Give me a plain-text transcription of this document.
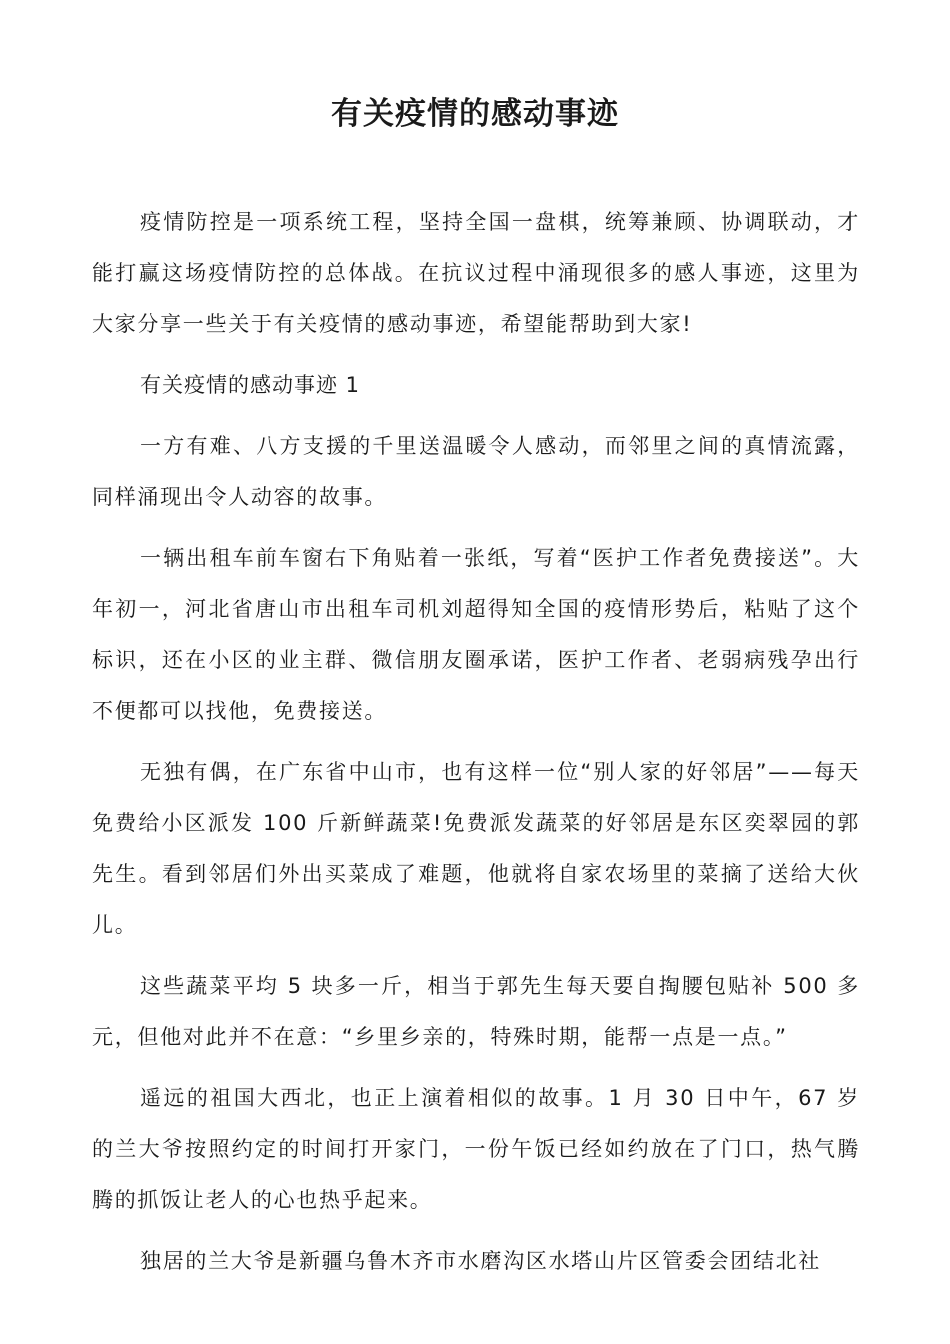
有关疫情的感动事迹

疫情防控是一项系统工程，坚持全国一盘棋，统筹兼顾、协调联动，才能打赢这场疫情防控的总体战。在抗议过程中涌现很多的感人事迹，这里为大家分享一些关于有关疫情的感动事迹，希望能帮助到大家!

有关疫情的感动事迹 1

一方有难、八方支援的千里送温暖令人感动，而邻里之间的真情流露，同样涌现出令人动容的故事。

一辆出租车前车窗右下角贴着一张纸，写着“医护工作者免费接送”。大年初一，河北省唐山市出租车司机刘超得知全国的疫情形势后，粘贴了这个标识，还在小区的业主群、微信朋友圈承诺，医护工作者、老弱病残孕出行不便都可以找他，免费接送。

无独有偶，在广东省中山市，也有这样一位“别人家的好邻居”——每天免费给小区派发 100 斤新鲜蔬菜!免费派发蔬菜的好邻居是东区奕翠园的郭先生。看到邻居们外出买菜成了难题，他就将自家农场里的菜摘了送给大伙儿。

这些蔬菜平均 5 块多一斤，相当于郭先生每天要自掏腰包贴补 500 多元，但他对此并不在意：“乡里乡亲的，特殊时期，能帮一点是一点。”

遥远的祖国大西北，也正上演着相似的故事。1 月 30 日中午，67 岁的兰大爷按照约定的时间打开家门，一份午饭已经如约放在了门口，热气腾腾的抓饭让老人的心也热乎起来。

独居的兰大爷是新疆乌鲁木齐市水磨沟区水塔山片区管委会团结北社
